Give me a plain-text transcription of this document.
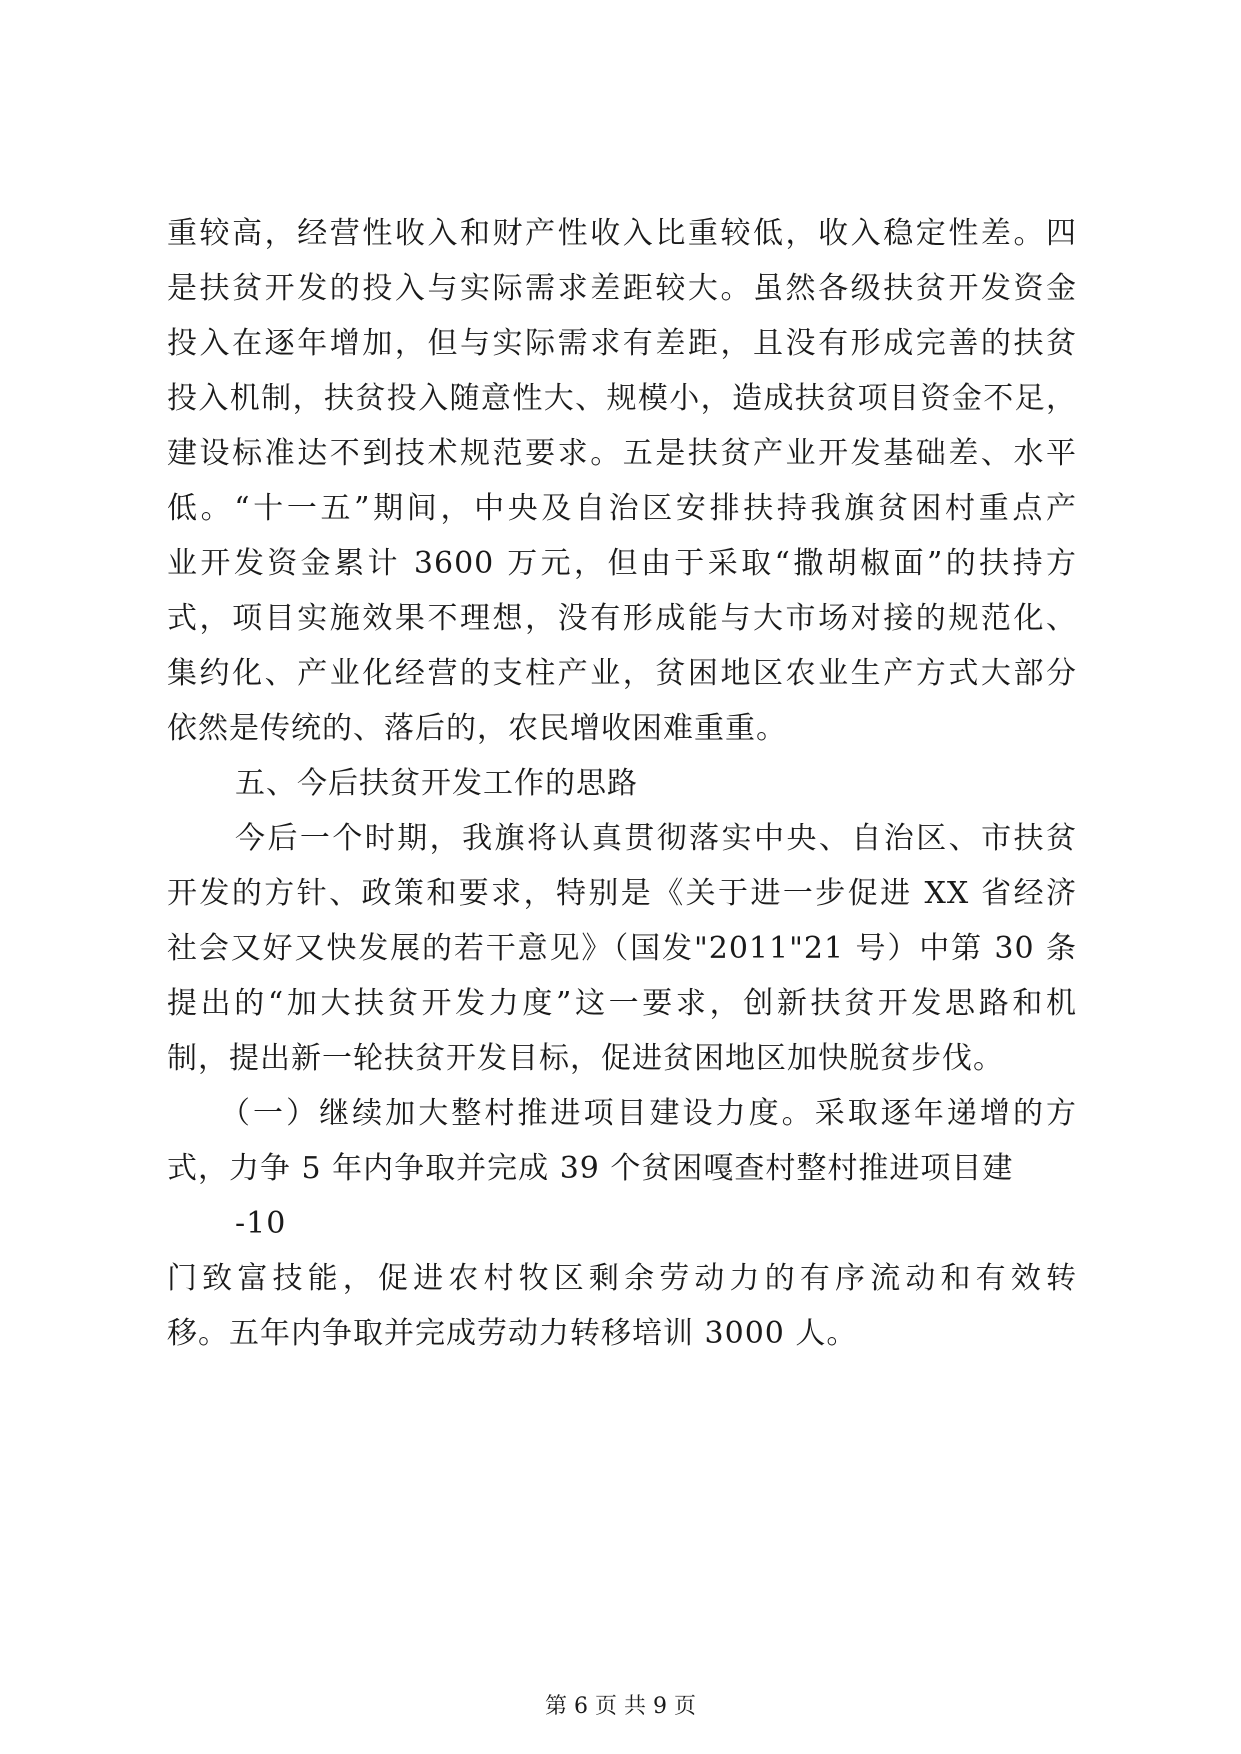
重较高，经营性收入和财产性收入比重较低，收入稳定性差。四
是扶贫开发的投入与实际需求差距较大。虽然各级扶贫开发资金
投入在逐年增加，但与实际需求有差距，且没有形成完善的扶贫
投入机制，扶贫投入随意性大、规模小，造成扶贫项目资金不足，
建设标准达不到技术规范要求。五是扶贫产业开发基础差、水平
低。“十一五”期间，中央及自治区安排扶持我旗贫困村重点产
业开发资金累计 3600 万元，但由于采取“撒胡椒面”的扶持方
式，项目实施效果不理想，没有形成能与大市场对接的规范化、
集约化、产业化经营的支柱产业，贫困地区农业生产方式大部分
依然是传统的、落后的，农民增收困难重重。
五、今后扶贫开发工作的思路
今后一个时期，我旗将认真贯彻落实中央、自治区、市扶贫
开发的方针、政策和要求，特别是《关于进一步促进 XX 省经济
社会又好又快发展的若干意见》（国发"2011"21 号）中第 30 条
提出的“加大扶贫开发力度”这一要求，创新扶贫开发思路和机
制，提出新一轮扶贫开发目标，促进贫困地区加快脱贫步伐。
（一）继续加大整村推进项目建设力度。采取逐年递增的方
式，力争 5 年内争取并完成 39 个贫困嘎查村整村推进项目建
-10
门致富技能，促进农村牧区剩余劳动力的有序流动和有效转
移。五年内争取并完成劳动力转移培训 3000 人。
第 6 页 共 9 页
